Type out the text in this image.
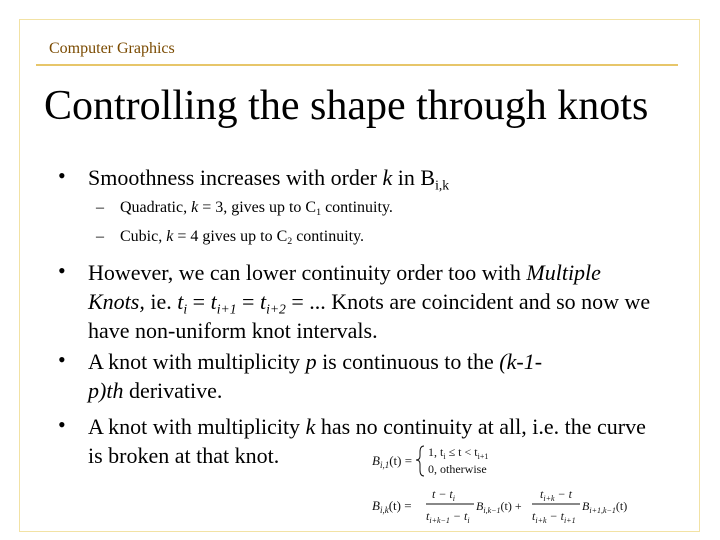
Computer Graphics
Controlling the shape through knots
• Smoothness increases with order k in $B_{i,k}$
– Quadratic, k = 3, gives up to $C_1$ continuity.
– Cubic, k = 4 gives up to $C_2$ continuity.
• However, we can lower continuity order too with Multiple Knots, ie. $t_i = t_{i+1} = t_{i+2}$ = ... Knots are coincident and so now we have non-uniform knot intervals.
• A knot with multiplicity p is continuous to the (k-1-p)th derivative.
• A knot with multiplicity k has no continuity at all, i.e. the curve is broken at that knot.	$B_{i,1}(t)$ =
1, $t_i \le t < t_{i+1}$
0, otherwise
$B_{i,k}(t)$ =
$t - t_i$
$t_{i+k-1} - t_i$
$B_{i,k-1}(t)$ +
$t_{i+k} - t$
$t_{i+k} - t_{i+1}$
$B_{i+1,k-1}(t)$
